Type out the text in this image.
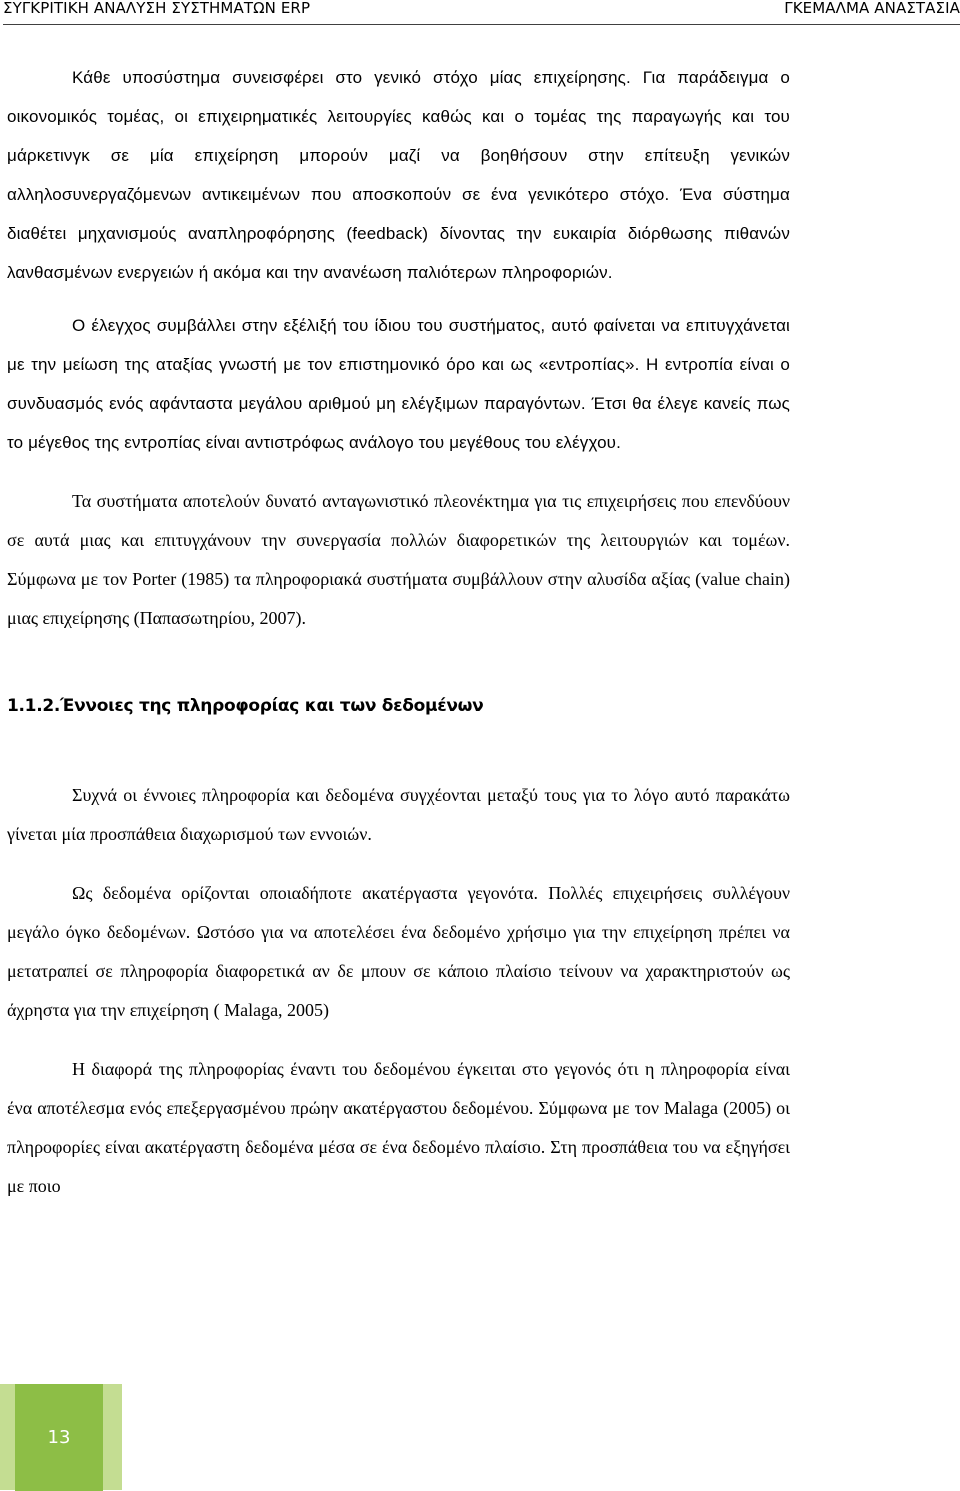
ΣΥΓΚΡΙΤΙΚΗ ΑΝΑΛΥΣΗ ΣΥΣΤΗΜΑΤΩΝ ERP	ΓΚΕΜΑΛΜΑ ΑΝΑΣΤΑΣΙΑ

Κάθε υποσύστημα συνεισφέρει στο γενικό στόχο μίας επιχείρησης. Για παράδειγμα ο οικονομικός τομέας, οι επιχειρηματικές λειτουργίες καθώς και ο τομέας της παραγωγής και του μάρκετινγκ σε μία επιχείρηση μπορούν μαζί να βοηθήσουν στην επίτευξη γενικών αλληλοσυνεργαζόμενων αντικειμένων που αποσκοπούν σε ένα γενικότερο στόχο. Ένα σύστημα διαθέτει μηχανισμούς αναπληροφόρησης (feedback) δίνοντας την ευκαιρία διόρθωσης πιθανών λανθασμένων ενεργειών ή ακόμα και την ανανέωση παλιότερων πληροφοριών.

Ο έλεγχος συμβάλλει στην εξέλιξή του ίδιου του συστήματος, αυτό φαίνεται να επιτυγχάνεται με την μείωση της αταξίας γνωστή με τον επιστημονικό όρο και ως «εντροπίας». Η εντροπία είναι ο συνδυασμός ενός αφάνταστα μεγάλου αριθμού μη ελέγξιμων παραγόντων. Έτσι θα έλεγε κανείς πως το μέγεθος της εντροπίας είναι αντιστρόφως ανάλογο του μεγέθους του ελέγχου.

Τα συστήματα αποτελούν δυνατό ανταγωνιστικό πλεονέκτημα για τις επιχειρήσεις που επενδύουν σε αυτά μιας και επιτυγχάνουν την συνεργασία πολλών διαφορετικών της λειτουργιών και τομέων. Σύμφωνα με τον Porter (1985) τα πληροφοριακά συστήματα συμβάλλουν στην αλυσίδα αξίας (value chain) μιας επιχείρησης (Παπασωτηρίου, 2007).

1.1.2.Έννοιες της πληροφορίας και των δεδομένων

Συχνά οι έννοιες πληροφορία και δεδομένα συγχέονται μεταξύ τους για το λόγο αυτό παρακάτω γίνεται μία προσπάθεια διαχωρισμού των εννοιών.

Ως δεδομένα ορίζονται οποιαδήποτε ακατέργαστα γεγονότα. Πολλές επιχειρήσεις συλλέγουν μεγάλο όγκο δεδομένων. Ωστόσο για να αποτελέσει ένα δεδομένο χρήσιμο για την επιχείρηση πρέπει να μετατραπεί σε πληροφορία διαφορετικά αν δε μπουν σε κάποιο πλαίσιο τείνουν να χαρακτηριστούν ως άχρηστα για την επιχείρηση ( Malaga, 2005)

Η διαφορά της πληροφορίας έναντι του δεδομένου έγκειται στο γεγονός ότι η πληροφορία είναι ένα αποτέλεσμα ενός επεξεργασμένου πρώην ακατέργαστου δεδομένου. Σύμφωνα με τον Malaga (2005) οι πληροφορίες είναι ακατέργαστη δεδομένα μέσα σε ένα δεδομένο πλαίσιο. Στη προσπάθεια του να εξηγήσει με ποιο

13
